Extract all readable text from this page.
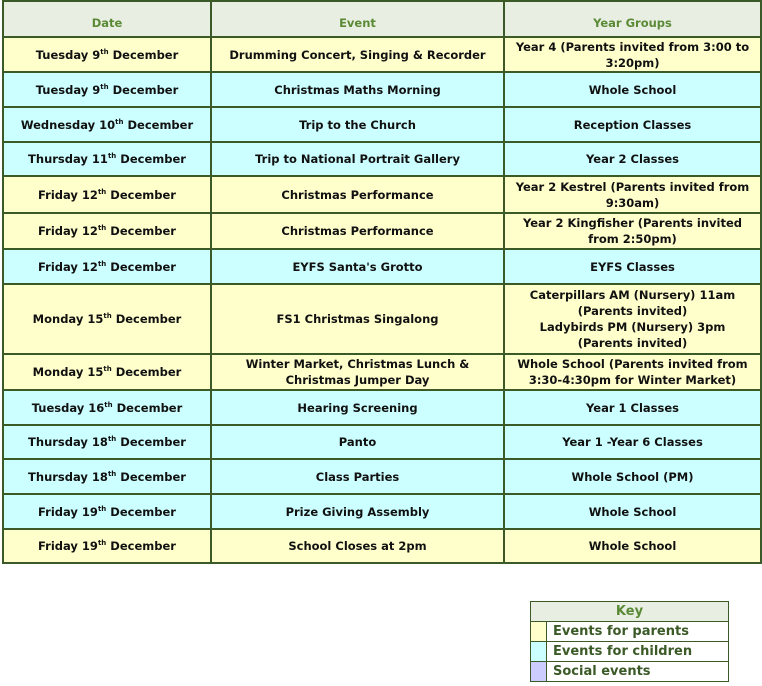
Date	Event	Year Groups
Tuesday 9th December	Drumming Concert, Singing & Recorder	Year 4 (Parents invited from 3:00 to 3:20pm)

Tuesday 9th December	Christmas Maths Morning	Whole School

Wednesday 10th December	Trip to the Church	Reception Classes

Thursday 11th December	Trip to National Portrait Gallery	Year 2 Classes

Friday 12th December	Christmas Performance	Year 2 Kestrel (Parents invited from 9:30am)

Friday 12th December	Christmas Performance	Year 2 Kingfisher (Parents invited from 2:50pm)

Friday 12th December	EYFS Santa's Grotto	EYFS Classes

Monday 15th December	FS1 Christmas Singalong	Caterpillars AM (Nursery) 11am (Parents invited)
Ladybirds PM (Nursery) 3pm (Parents invited)

Monday 15th December	Winter Market, Christmas Lunch & Christmas Jumper Day	Whole School (Parents invited from 3:30-4:30pm for Winter Market)

Tuesday 16th December	Hearing Screening	Year 1 Classes

Thursday 18th December	Panto	Year 1 -Year 6 Classes

Thursday 18th December	Class Parties	Whole School (PM)

Friday 19th December	Prize Giving Assembly	Whole School

Friday 19th December	School Closes at 2pm	Whole School
Key	
	Events for parents
	Events for children
	Social events
